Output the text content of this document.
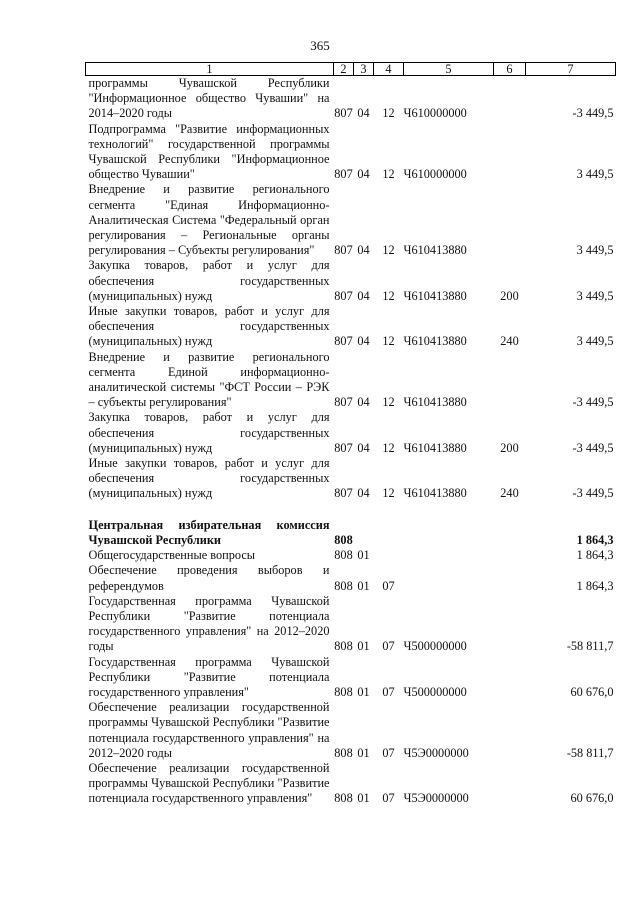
365
1	2	3	4	5	6	7
программы Чувашской Республики "Информационное общество Чувашии" на 2014–2020 годы	807	04	12	Ч610000000		-3 449,5
Подпрограмма "Развитие информационных технологий" государственной программы Чувашской Республики "Информационное общество Чувашии"	807	04	12	Ч610000000		3 449,5
Внедрение и развитие регионального сегмента "Единая Информационно-Аналитическая Система "Федеральный орган регулирования – Региональные органы регулирования – Субъекты регулирования"	807	04	12	Ч610413880		3 449,5
Закупка товаров, работ и услуг для обеспечения государственных (муниципальных) нужд	807	04	12	Ч610413880	200	3 449,5
Иные закупки товаров, работ и услуг для обеспечения государственных (муниципальных) нужд	807	04	12	Ч610413880	240	3 449,5
Внедрение и развитие регионального сегмента Единой информационно-аналитической системы "ФСТ России – РЭК – субъекты регулирования"	807	04	12	Ч610413880		-3 449,5
Закупка товаров, работ и услуг для обеспечения государственных (муниципальных) нужд	807	04	12	Ч610413880	200	-3 449,5
Иные закупки товаров, работ и услуг для обеспечения государственных (муниципальных) нужд	807	04	12	Ч610413880	240	-3 449,5

Центральная избирательная комиссия Чувашской Республики	808					1 864,3
Общегосударственные вопросы	808	01				1 864,3
Обеспечение проведения выборов и референдумов	808	01	07			1 864,3
Государственная программа Чувашской Республики "Развитие потенциала государственного управления" на 2012–2020 годы	808	01	07	Ч500000000		-58 811,7
Государственная программа Чувашской Республики "Развитие потенциала государственного управления"	808	01	07	Ч500000000		60 676,0
Обеспечение реализации государственной программы Чувашской Республики "Развитие потенциала государственного управления" на 2012–2020 годы	808	01	07	Ч5Э0000000		-58 811,7
Обеспечение реализации государственной программы Чувашской Республики "Развитие потенциала государственного управления"	808	01	07	Ч5Э0000000		60 676,0
